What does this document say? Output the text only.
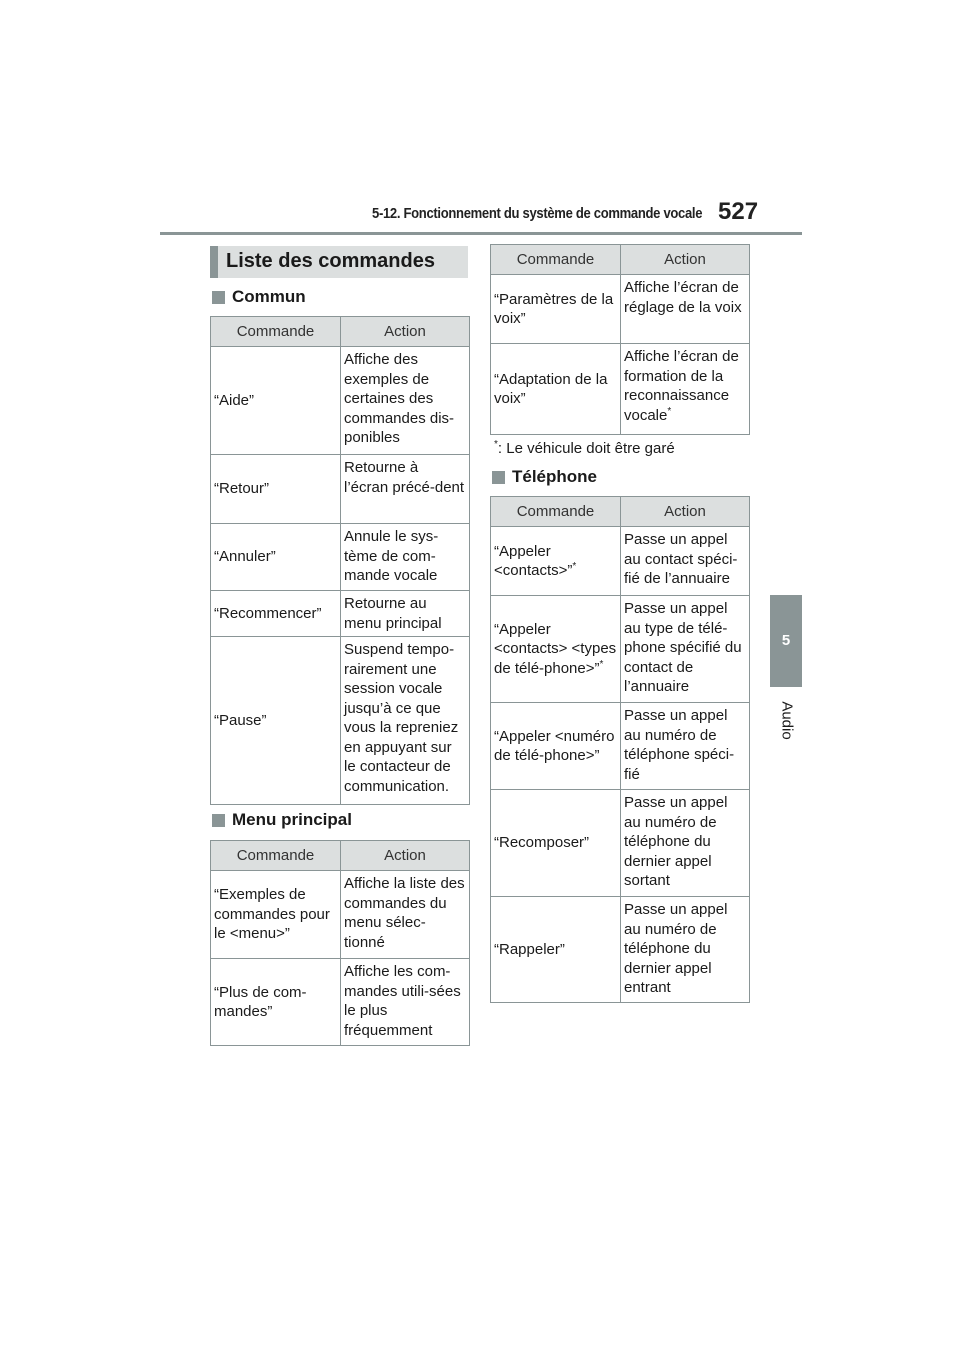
5-12. Fonctionnement du système de commande vocale 527
5
Audio
Liste des commandes
Commun
Commande	Action
“Aide”	Affiche des exemples de certaines des commandes dis-ponibles
“Retour”	Retourne à l’écran précé-dent
“Annuler”	Annule le sys-tème de com-mande vocale
“Recommencer”	Retourne au menu principal
“Pause”	Suspend tempo-rairement une session vocale jusqu’à ce que vous la repreniez en appuyant sur le contacteur de communication.
Menu principal
Commande	Action
“Exemples de commandes pour le <menu>”	Affiche la liste des commandes du menu sélec-tionné
“Plus de com-mandes”	Affiche les com-mandes utili-sées le plus fréquemment
Commande	Action
“Paramètres de la voix”	Affiche l’écran de réglage de la voix
“Adaptation de la voix”	Affiche l’écran de formation de la reconnaissance vocale*
*: Le véhicule doit être garé
Téléphone
Commande	Action
“Appeler <contacts>”*	Passe un appel au contact spéci-fié de l’annuaire
“Appeler <contacts> <types de télé-phone>”*	Passe un appel au type de télé-phone spécifié du contact de l’annuaire
“Appeler <numéro de télé-phone>”	Passe un appel au numéro de téléphone spéci-fié
“Recomposer”	Passe un appel au numéro de téléphone du dernier appel sortant
“Rappeler”	Passe un appel au numéro de téléphone du dernier appel entrant
